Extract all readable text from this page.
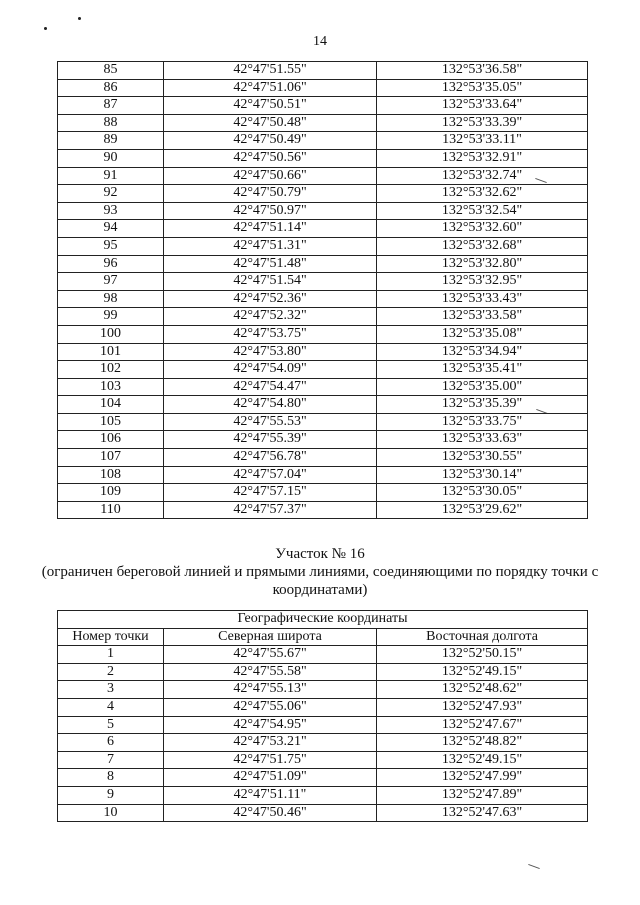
14
85	42°47'51.55"	132°53'36.58"
86	42°47'51.06"	132°53'35.05"
87	42°47'50.51"	132°53'33.64"
88	42°47'50.48"	132°53'33.39"
89	42°47'50.49"	132°53'33.11"
90	42°47'50.56"	132°53'32.91"
91	42°47'50.66"	132°53'32.74"
92	42°47'50.79"	132°53'32.62"
93	42°47'50.97"	132°53'32.54"
94	42°47'51.14"	132°53'32.60"
95	42°47'51.31"	132°53'32.68"
96	42°47'51.48"	132°53'32.80"
97	42°47'51.54"	132°53'32.95"
98	42°47'52.36"	132°53'33.43"
99	42°47'52.32"	132°53'33.58"
100	42°47'53.75"	132°53'35.08"
101	42°47'53.80"	132°53'34.94"
102	42°47'54.09"	132°53'35.41"
103	42°47'54.47"	132°53'35.00"
104	42°47'54.80"	132°53'35.39"
105	42°47'55.53"	132°53'33.75"
106	42°47'55.39"	132°53'33.63"
107	42°47'56.78"	132°53'30.55"
108	42°47'57.04"	132°53'30.14"
109	42°47'57.15"	132°53'30.05"
110	42°47'57.37"	132°53'29.62"
Участок № 16
(ограничен береговой линией и прямыми линиями, соединяющими по порядку точки с координатами)
Географические координаты		
Номер точки	Северная широта	Восточная долгота
1	42°47'55.67"	132°52'50.15"
2	42°47'55.58"	132°52'49.15"
3	42°47'55.13"	132°52'48.62"
4	42°47'55.06"	132°52'47.93"
5	42°47'54.95"	132°52'47.67"
6	42°47'53.21"	132°52'48.82"
7	42°47'51.75"	132°52'49.15"
8	42°47'51.09"	132°52'47.99"
9	42°47'51.11"	132°52'47.89"
10	42°47'50.46"	132°52'47.63"
